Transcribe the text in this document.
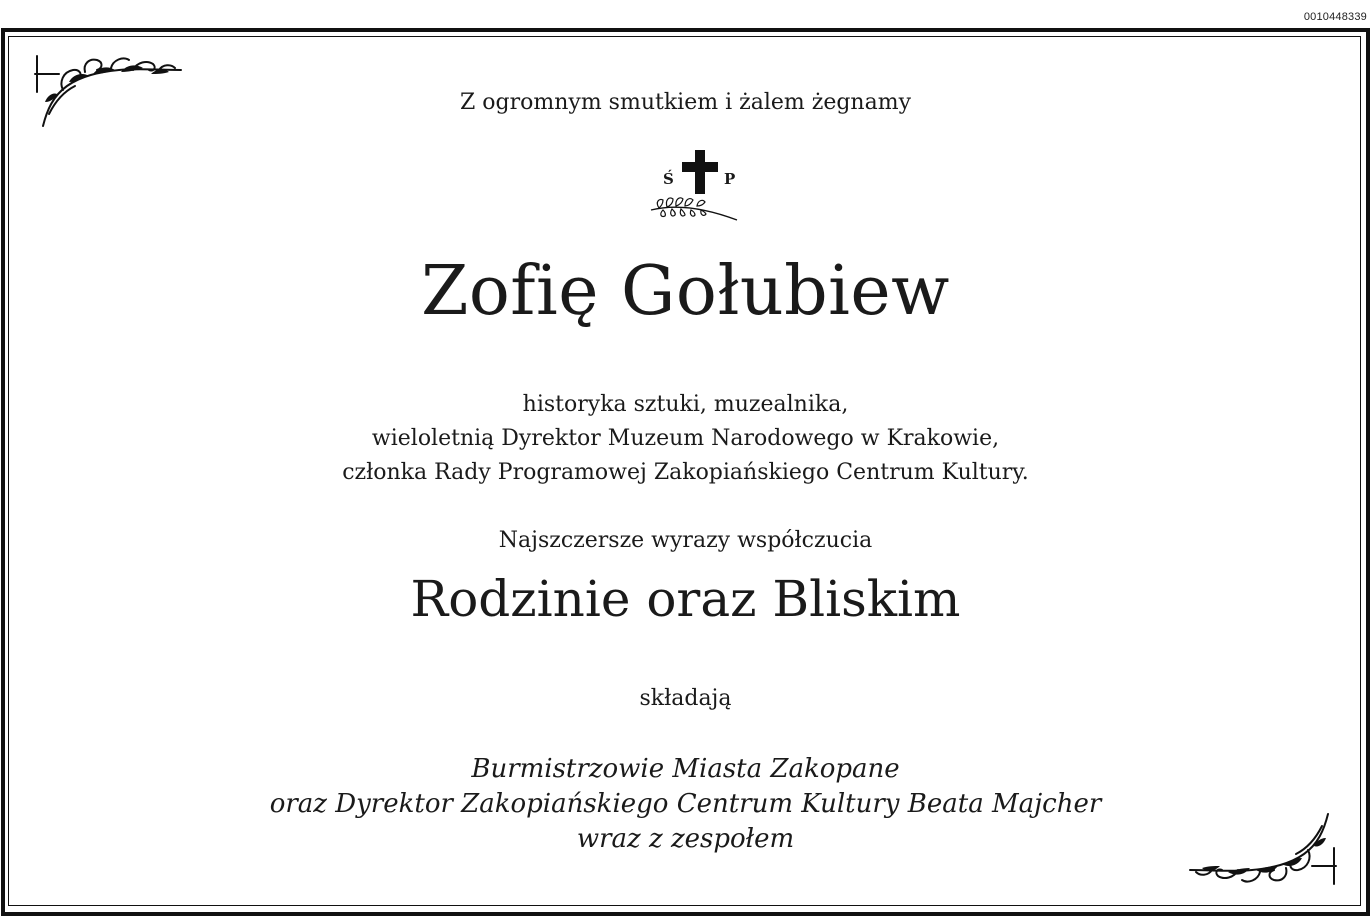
0010448339
Z ogromnym smutkiem i żalem żegnamy
Ś	P
Zofię Gołubiew
historyka sztuki, muzealnika,
wieloletnią Dyrektor Muzeum Narodowego w Krakowie,
członka Rady Programowej Zakopiańskiego Centrum Kultury.
Najszczersze wyrazy współczucia
Rodzinie oraz Bliskim
składają
Burmistrzowie Miasta Zakopane
oraz Dyrektor Zakopiańskiego Centrum Kultury Beata Majcher
wraz z zespołem
